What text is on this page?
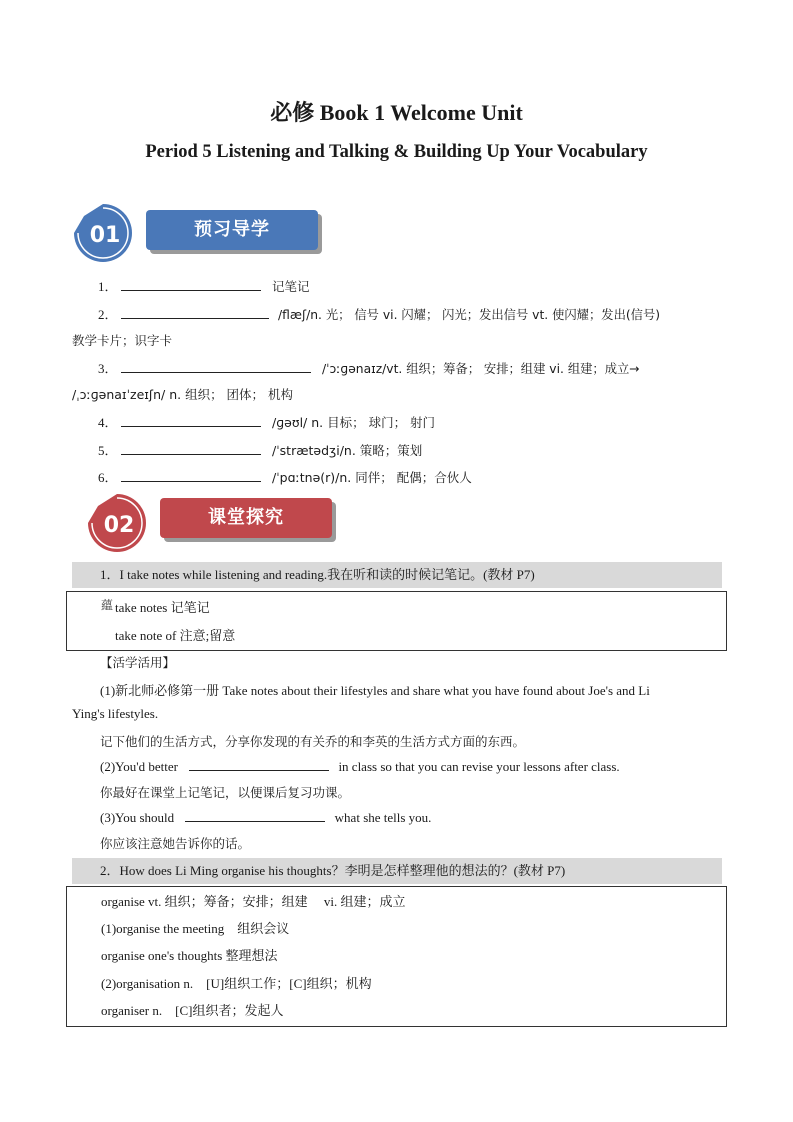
必修 Book 1 Welcome Unit
Period 5 Listening and Talking & Building Up Your Vocabulary
01	预习导学
1．	记笔记
2．	/flæʃ/n. 光； 信号 vi. 闪耀； 闪光；发出信号 vt. 使闪耀；发出(信号)
教学卡片；识字卡
3．	/ˈɔːɡənaɪz/vt. 组织；筹备； 安排；组建 vi. 组建；成立→
/ˌɔːɡənaɪˈzeɪʃn/ n. 组织； 团体； 机构
4．	/ɡəʊl/ n. 目标； 球门； 射门
5．	/ˈstrætədʒi/n. 策略；策划
6．	/ˈpɑːtnə(r)/n. 同伴； 配偶；合伙人
02	课堂探究
1．I take notes while listening and reading.我在听和读的时候记笔记。(教材 P7)
蘊 take notes 记笔记
take note of 注意;留意
【活学活用】
(1)新北师必修第一册 Take notes about their lifestyles and share what you have found about Joe's and Li
Ying's lifestyles.
记下他们的生活方式，分享你发现的有关乔的和李英的生活方式方面的东西。
(2)You'd better	in class so that you can revise your lessons after class.
你最好在课堂上记笔记，以便课后复习功课。
(3)You should	what she tells you.
你应该注意她告诉你的话。
2．How does Li Ming organise his thoughts？李明是怎样整理他的想法的？(教材 P7)
organise vt. 组织；筹备；安排；组建　 vi. 组建；成立
(1)organise the meeting　组织会议
organise one's thoughts 整理想法
(2)organisation n.　[U]组织工作；[C]组织；机构
organiser n.　[C]组织者；发起人
